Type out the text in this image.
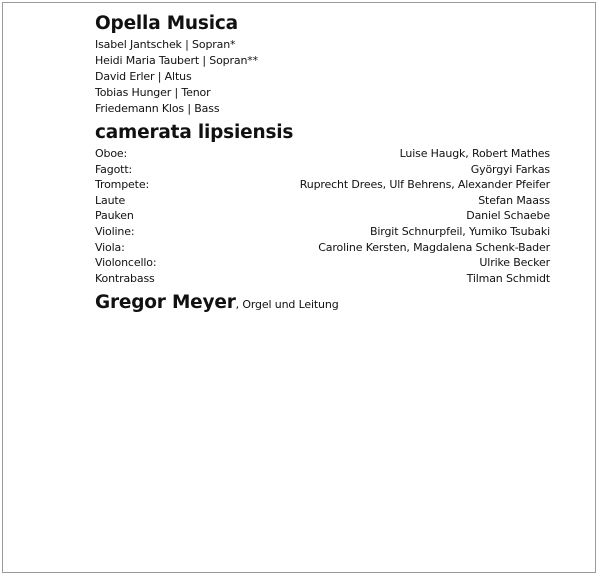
Opella Musica
Isabel Jantschek | Sopran*
Heidi Maria Taubert | Sopran**
David Erler | Altus
Tobias Hunger | Tenor
Friedemann Klos | Bass
camerata lipsiensis
Oboe:	Luise Haugk, Robert Mathes
Fagott:	Györgyi Farkas
Trompete:	Ruprecht Drees, Ulf Behrens, Alexander Pfeifer
Laute	Stefan Maass
Pauken	Daniel Schaebe
Violine:	Birgit Schnurpfeil, Yumiko Tsubaki
Viola:	Caroline Kersten, Magdalena Schenk-Bader
Violoncello:	Ulrike Becker
Kontrabass	Tilman Schmidt
Gregor Meyer, Orgel und Leitung
